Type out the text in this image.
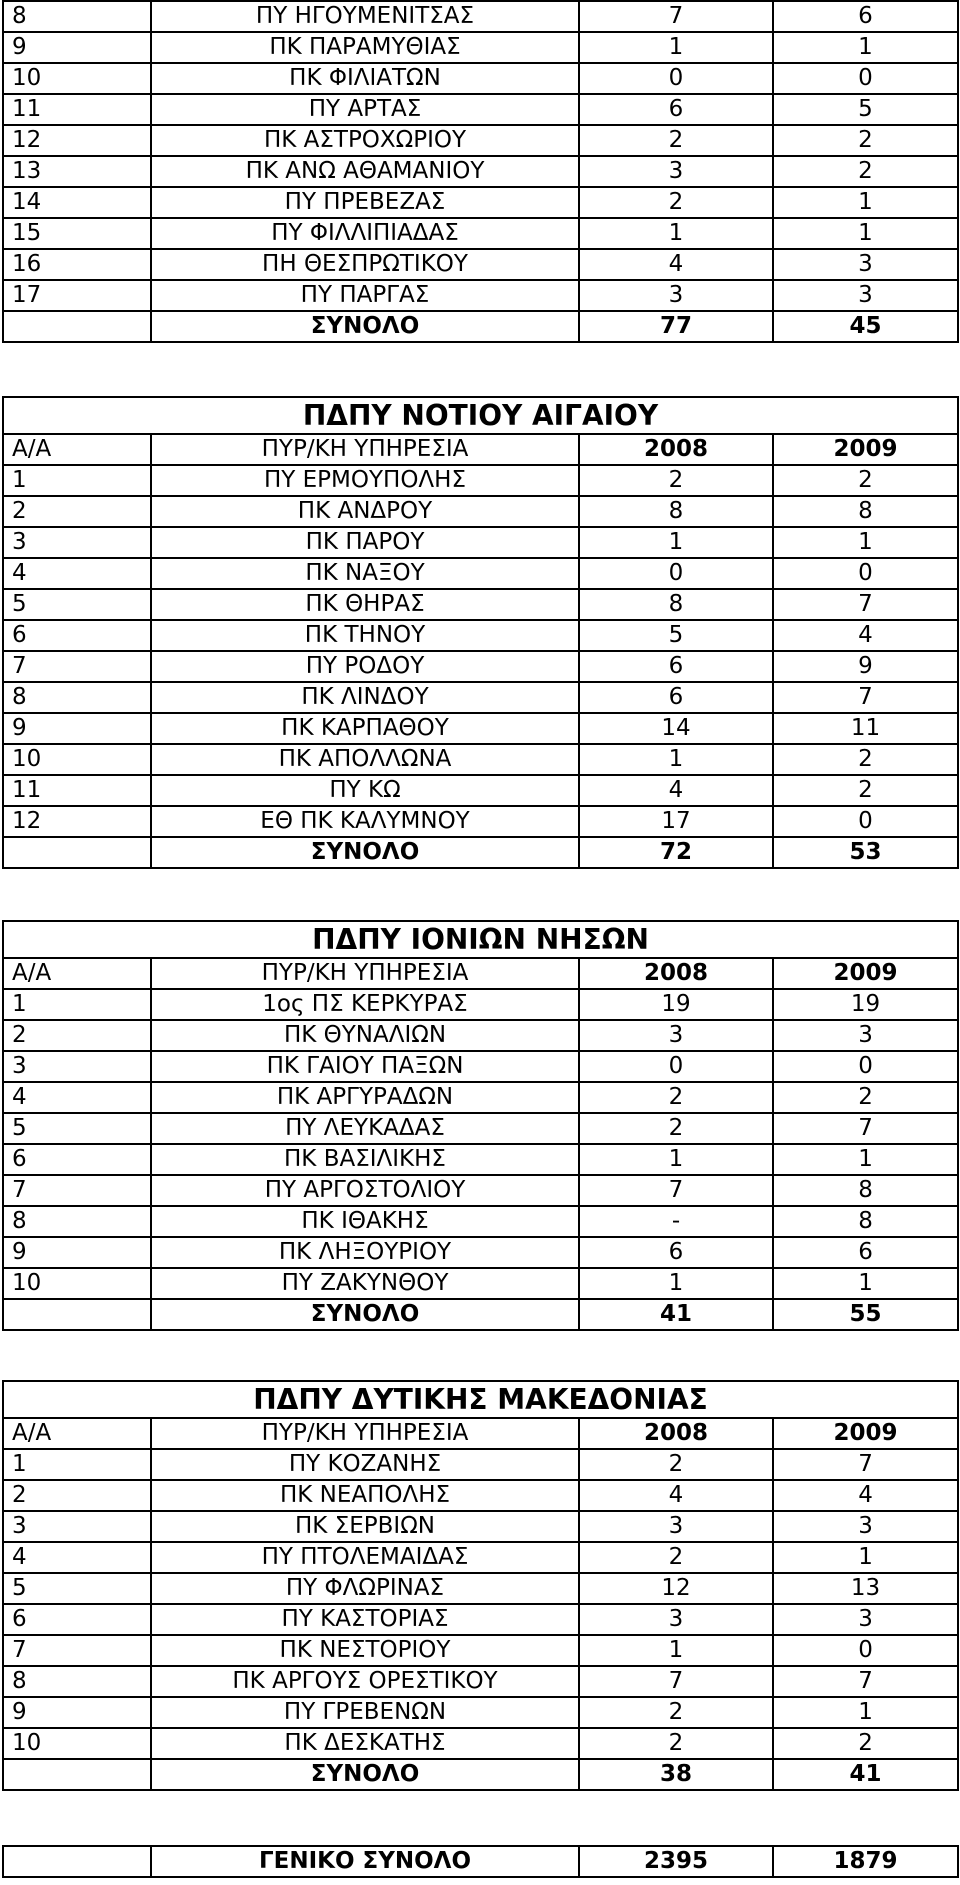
8	ΠΥ ΗΓΟΥΜΕΝΙΤΣΑΣ	7	6
9	ΠΚ ΠΑΡΑΜΥΘΙΑΣ	1	1
10	ΠΚ ΦΙΛΙΑΤΩΝ	0	0
11	ΠΥ ΑΡΤΑΣ	6	5
12	ΠΚ ΑΣΤΡΟΧΩΡΙΟΥ	2	2
13	ΠΚ ΑΝΩ ΑΘΑΜΑΝΙΟΥ	3	2
14	ΠΥ ΠΡΕΒΕΖΑΣ	2	1
15	ΠΥ ΦΙΛΛΙΠΙΑΔΑΣ	1	1
16	ΠΗ ΘΕΣΠΡΩΤΙΚΟΥ	4	3
17	ΠΥ ΠΑΡΓΑΣ	3	3
	ΣΥΝΟΛΟ	77	45
ΠΔΠΥ ΝΟΤΙΟΥ ΑΙΓΑΙΟΥ			
Α/Α	ΠΥΡ/ΚΗ ΥΠΗΡΕΣΙΑ	2008	2009
1	ΠΥ ΕΡΜΟΥΠΟΛΗΣ	2	2
2	ΠΚ ΑΝΔΡΟΥ	8	8
3	ΠΚ ΠΑΡΟΥ	1	1
4	ΠΚ ΝΑΞΟΥ	0	0
5	ΠΚ ΘΗΡΑΣ	8	7
6	ΠΚ ΤΗΝΟΥ	5	4
7	ΠΥ ΡΟΔΟΥ	6	9
8	ΠΚ ΛΙΝΔΟΥ	6	7
9	ΠΚ ΚΑΡΠΑΘΟΥ	14	11
10	ΠΚ ΑΠΟΛΛΩΝΑ	1	2
11	ΠΥ ΚΩ	4	2
12	ΕΘ ΠΚ ΚΑΛΥΜΝΟΥ	17	0
	ΣΥΝΟΛΟ	72	53
ΠΔΠΥ ΙΟΝΙΩΝ ΝΗΣΩΝ			
Α/Α	ΠΥΡ/ΚΗ ΥΠΗΡΕΣΙΑ	2008	2009
1	1ος ΠΣ ΚΕΡΚΥΡΑΣ	19	19
2	ΠΚ ΘΥΝΑΛΙΩΝ	3	3
3	ΠΚ ΓΑΙΟΥ ΠΑΞΩΝ	0	0
4	ΠΚ ΑΡΓΥΡΑΔΩΝ	2	2
5	ΠΥ ΛΕΥΚΑΔΑΣ	2	7
6	ΠΚ ΒΑΣΙΛΙΚΗΣ	1	1
7	ΠΥ ΑΡΓΟΣΤΟΛΙΟΥ	7	8
8	ΠΚ ΙΘΑΚΗΣ	-	8
9	ΠΚ ΛΗΞΟΥΡΙΟΥ	6	6
10	ΠΥ ΖΑΚΥΝΘΟΥ	1	1
	ΣΥΝΟΛΟ	41	55
ΠΔΠΥ ΔΥΤΙΚΗΣ ΜΑΚΕΔΟΝΙΑΣ			
Α/Α	ΠΥΡ/ΚΗ ΥΠΗΡΕΣΙΑ	2008	2009
1	ΠΥ ΚΟΖΑΝΗΣ	2	7
2	ΠΚ ΝΕΑΠΟΛΗΣ	4	4
3	ΠΚ ΣΕΡΒΙΩΝ	3	3
4	ΠΥ ΠΤΟΛΕΜΑΙΔΑΣ	2	1
5	ΠΥ ΦΛΩΡΙΝΑΣ	12	13
6	ΠΥ ΚΑΣΤΟΡΙΑΣ	3	3
7	ΠΚ ΝΕΣΤΟΡΙΟΥ	1	0
8	ΠΚ ΑΡΓΟΥΣ ΟΡΕΣΤΙΚΟΥ	7	7
9	ΠΥ ΓΡΕΒΕΝΩΝ	2	1
10	ΠΚ ΔΕΣΚΑΤΗΣ	2	2
	ΣΥΝΟΛΟ	38	41
	ΓΕΝΙΚΟ ΣΥΝΟΛΟ	2395	1879
